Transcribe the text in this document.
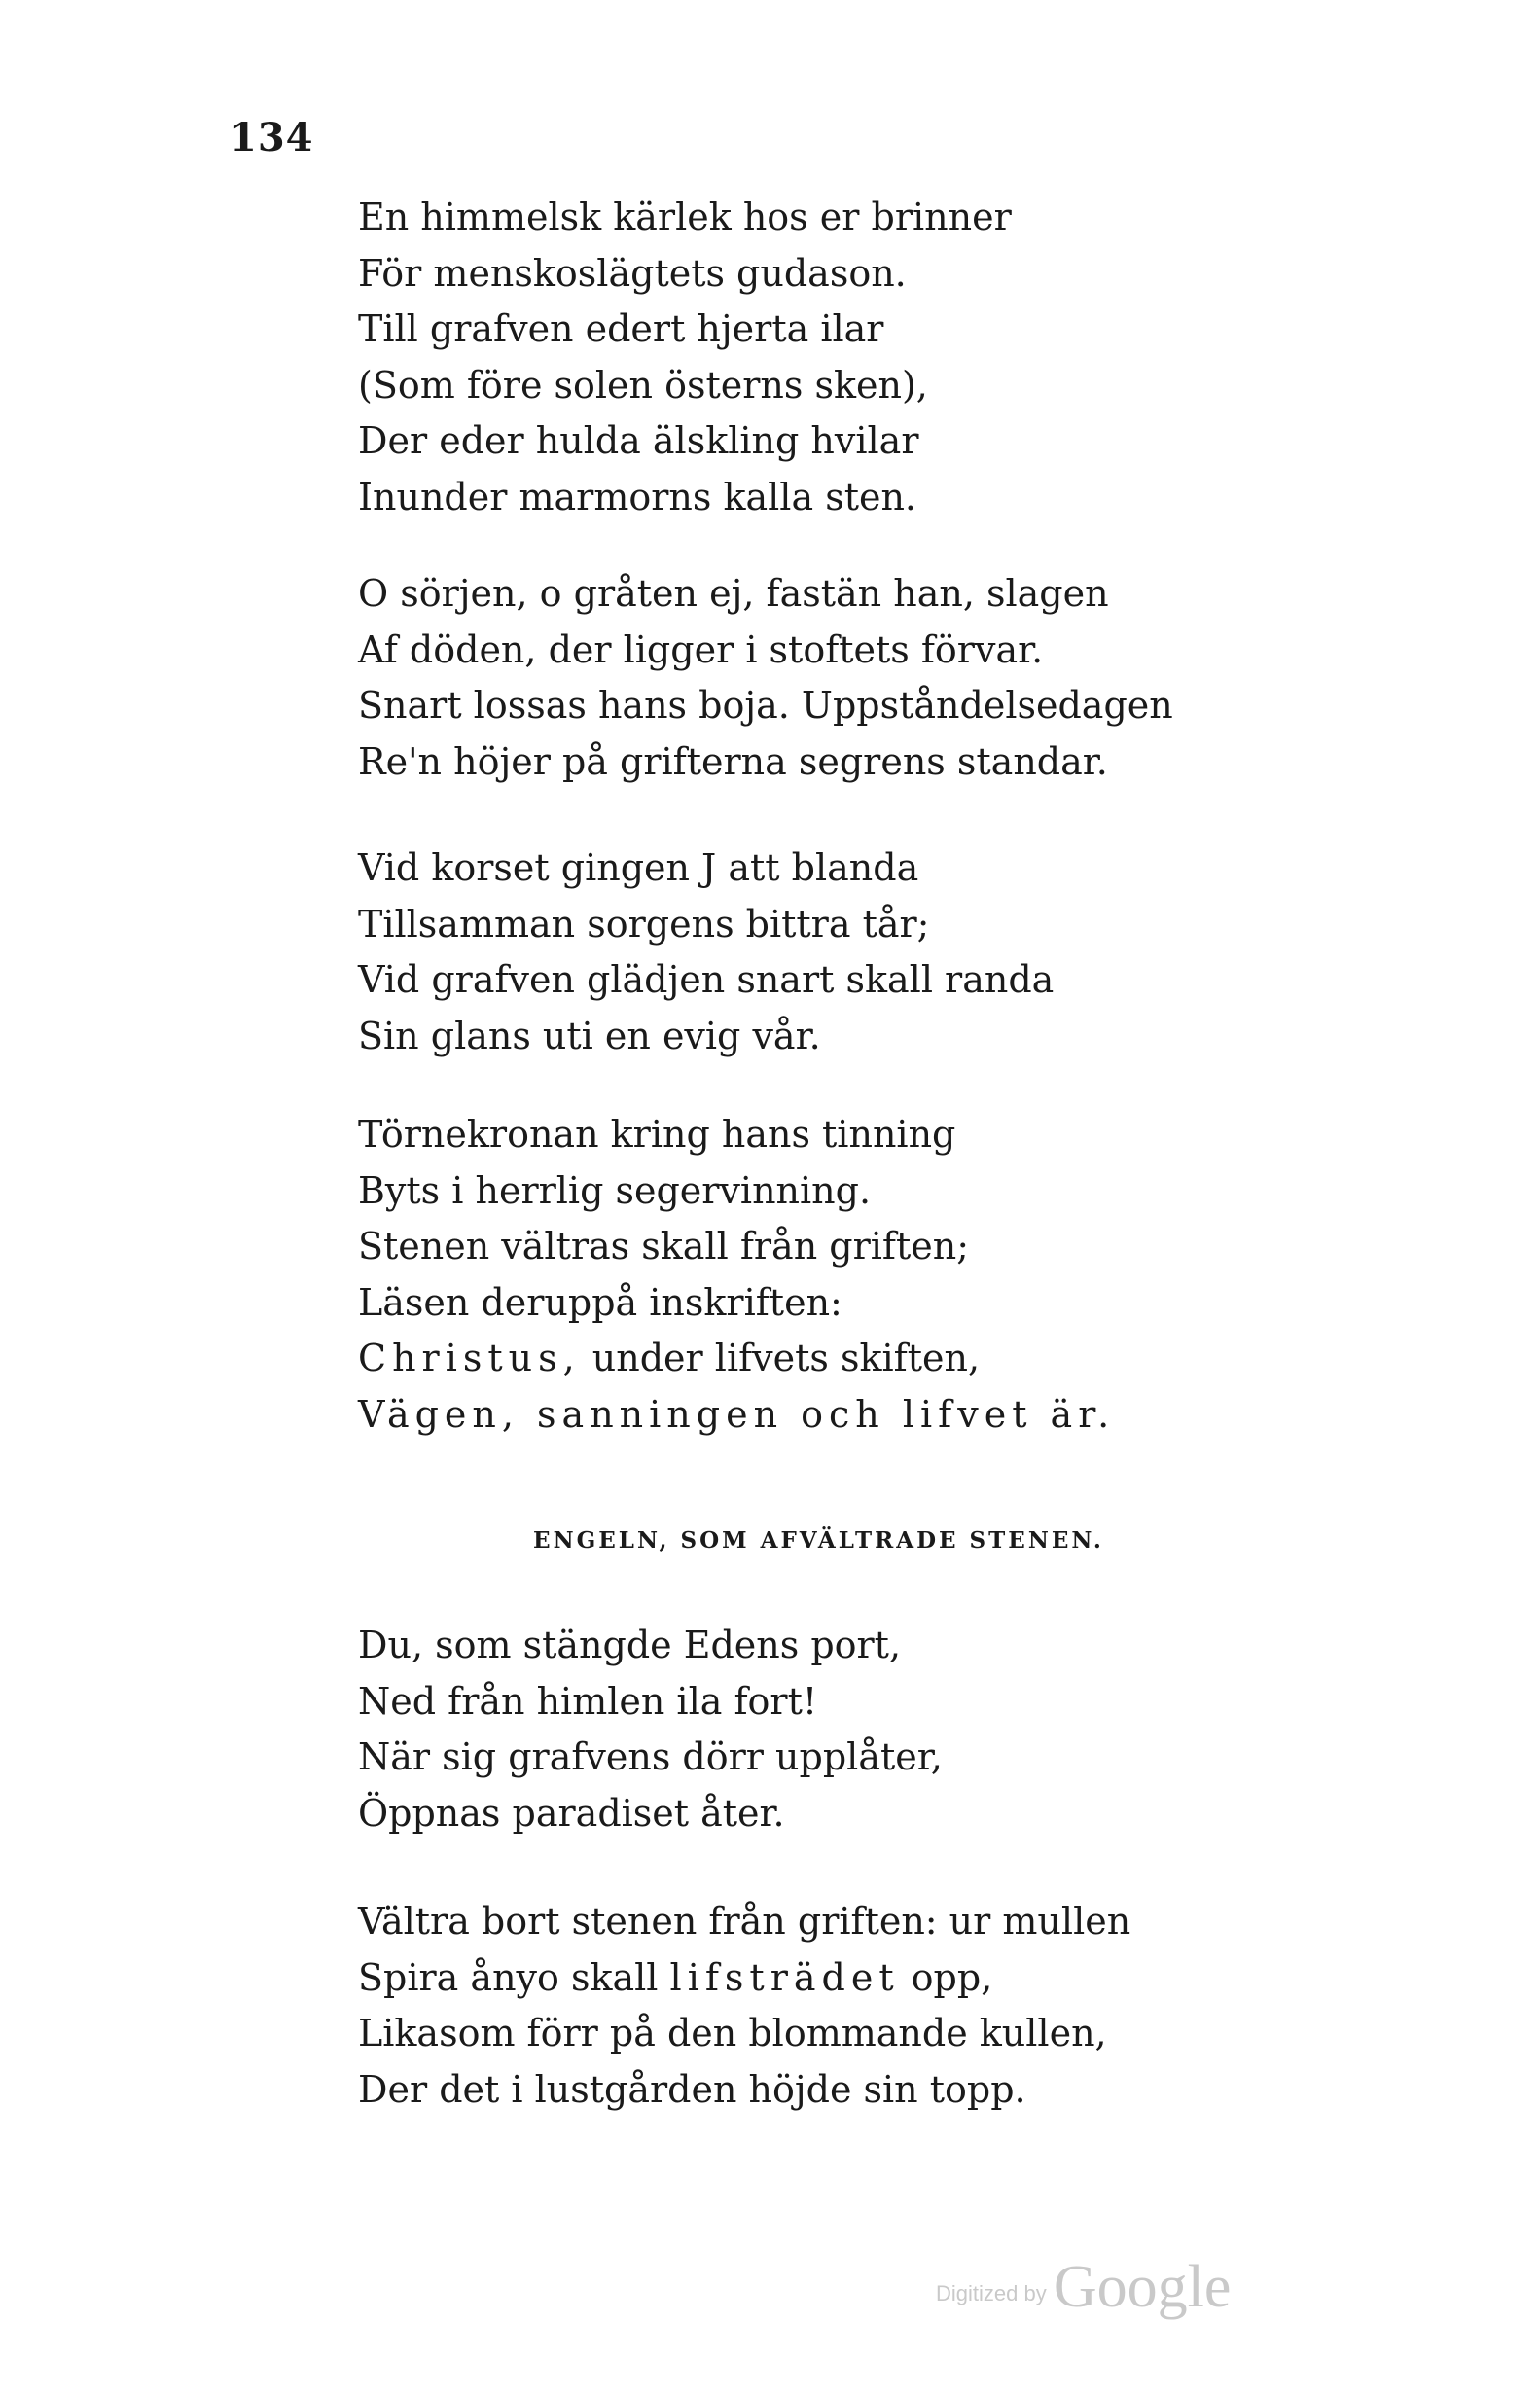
134
En himmelsk kärlek hos er brinner
För menskoslägtets gudason.
Till grafven edert hjerta ilar
(Som före solen österns sken),
Der eder hulda älskling hvilar
Inunder marmorns kalla sten.
O sörjen, o gråten ej, fastän han, slagen
Af döden, der ligger i stoftets förvar.
Snart lossas hans boja. Uppståndelsedagen
Re'n höjer på grifterna segrens standar.
Vid korset gingen J att blanda
Tillsamman sorgens bittra tår;
Vid grafven glädjen snart skall randa
Sin glans uti en evig vår.
Törnekronan kring hans tinning
Byts i herrlig segervinning.
Stenen vältras skall från griften;
Läsen deruppå inskriften:
Christus, under lifvets skiften,
Vägen, sanningen och lifvet är.
ENGELN, SOM AFVÄLTRADE STENEN.
Du, som stängde Edens port,
Ned från himlen ila fort!
När sig grafvens dörr upplåter,
Öppnas paradiset åter.
Vältra bort stenen från griften: ur mullen
Spira ånyo skall lifsträdet opp,
Likasom förr på den blommande kullen,
Der det i lustgården höjde sin topp.
Digitized by Google
